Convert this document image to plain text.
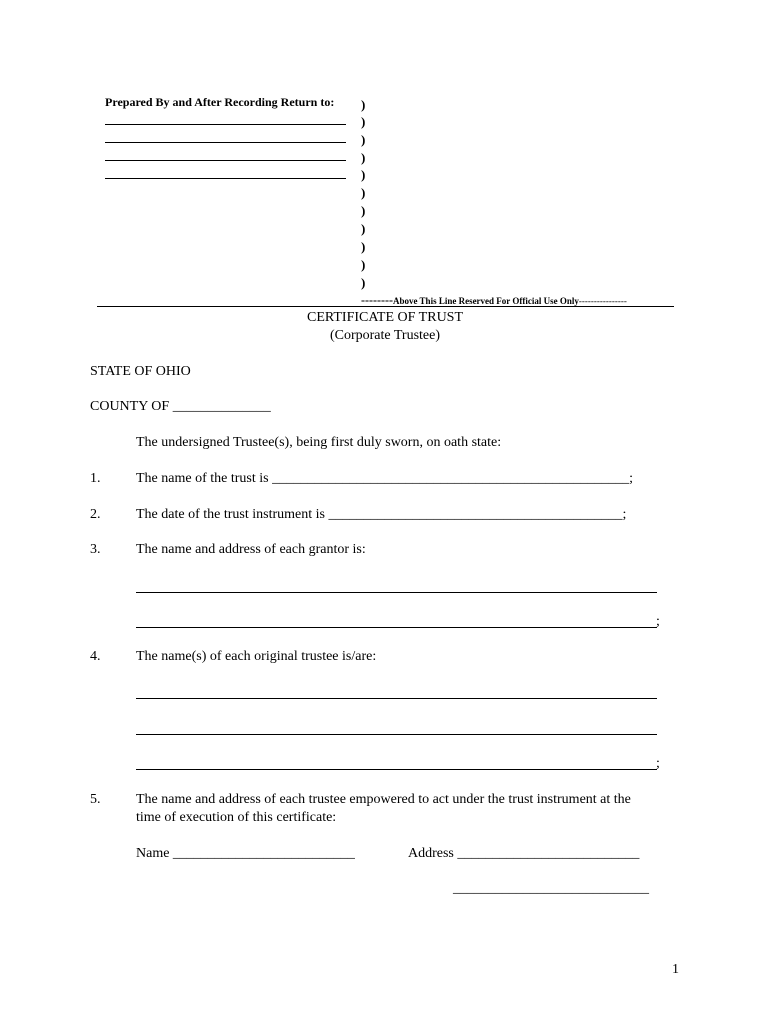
Prepared By and After Recording Return to: )
)
)
)
)
)
)
)
)
)
)
--------Above This Line Reserved For Official Use Only----------------
CERTIFICATE OF TRUST
(Corporate Trustee)
STATE OF OHIO
COUNTY OF ______________
The undersigned Trustee(s), being first duly sworn, on oath state:
1.	The name of the trust is ___________________________________________________;
2.	The date of the trust instrument is __________________________________________;
3.	The name and address of each grantor is:
;
4.	The name(s) of each original trustee is/are:
;
5.	The name and address of each trustee empowered to act under the trust instrument at the
time of execution of this certificate:
Name __________________________	Address __________________________
____________________________
1
